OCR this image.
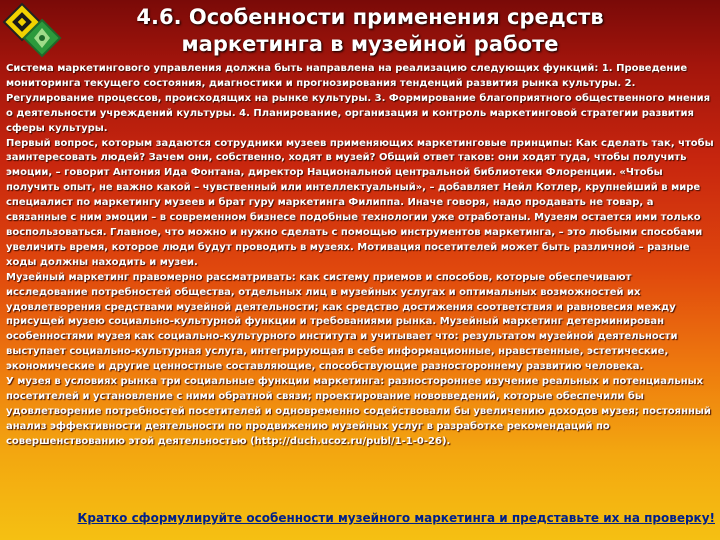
4.6. Особенности применения средств
маркетинга в музейной работе

Система маркетингового управления должна быть направлена на реализацию следующих функций: 1. Проведение мониторинга текущего состояния, диагностики и прогнозирования тенденций развития рынка культуры. 2. Регулирование процессов, происходящих на рынке культуры. 3. Формирование благоприятного общественного мнения о деятельности учреждений культуры. 4. Планирование, организация и контроль маркетинговой стратегии развития сферы культуры.

Первый вопрос, которым задаются сотрудники музеев применяющих маркетинговые принципы: Как сделать так, чтобы заинтересовать людей? Зачем они, собственно, ходят в музей? Общий ответ таков: они ходят туда, чтобы получить эмоции, – говорит Антония Ида Фонтана, директор Национальной центральной библиотеки Флоренции. «Чтобы получить опыт, не важно какой – чувственный или интеллектуальный», – добавляет Нейл Котлер, крупнейший в мире специалист по маркетингу музеев и брат гуру маркетинга Филиппа. Иначе говоря, надо продавать не товар, а связанные с ним эмоции – в современном бизнесе подобные технологии уже отработаны. Музеям остается ими только воспользоваться. Главное, что можно и нужно сделать с помощью инструментов маркетинга, – это любыми способами увеличить время, которое люди будут проводить в музеях. Мотивация посетителей может быть различной – разные ходы должны находить и музеи.

Музейный маркетинг правомерно рассматривать: как систему приемов и способов, которые обеспечивают исследование потребностей общества, отдельных лиц в музейных услугах и оптимальных возможностей их удовлетворения средствами музейной деятельности; как средство достижения соответствия и равновесия между присущей музею социально-культурной функции и требованиями рынка. Музейный маркетинг детерминирован особенностями музея как социально-культурного института и учитывает что: результатом музейной деятельности выступает социально-культурная услуга, интегрирующая в себе информационные, нравственные, эстетические, экономические и другие ценностные составляющие, способствующие разностороннему развитию человека.

У музея в условиях рынка три социальные функции маркетинга: разностороннее изучение реальных и потенциальных посетителей и установление с ними обратной связи; проектирование нововведений, которые обеспечили бы удовлетворение потребностей посетителей и одновременно содействовали бы увеличению доходов музея; постоянный анализ эффективности деятельности по продвижению музейных услуг в разработке рекомендаций по совершенствованию этой деятельностью (http://duch.ucoz.ru/publ/1-1-0-26).

Кратко сформулируйте особенности музейного маркетинга и представьте их на проверку!
